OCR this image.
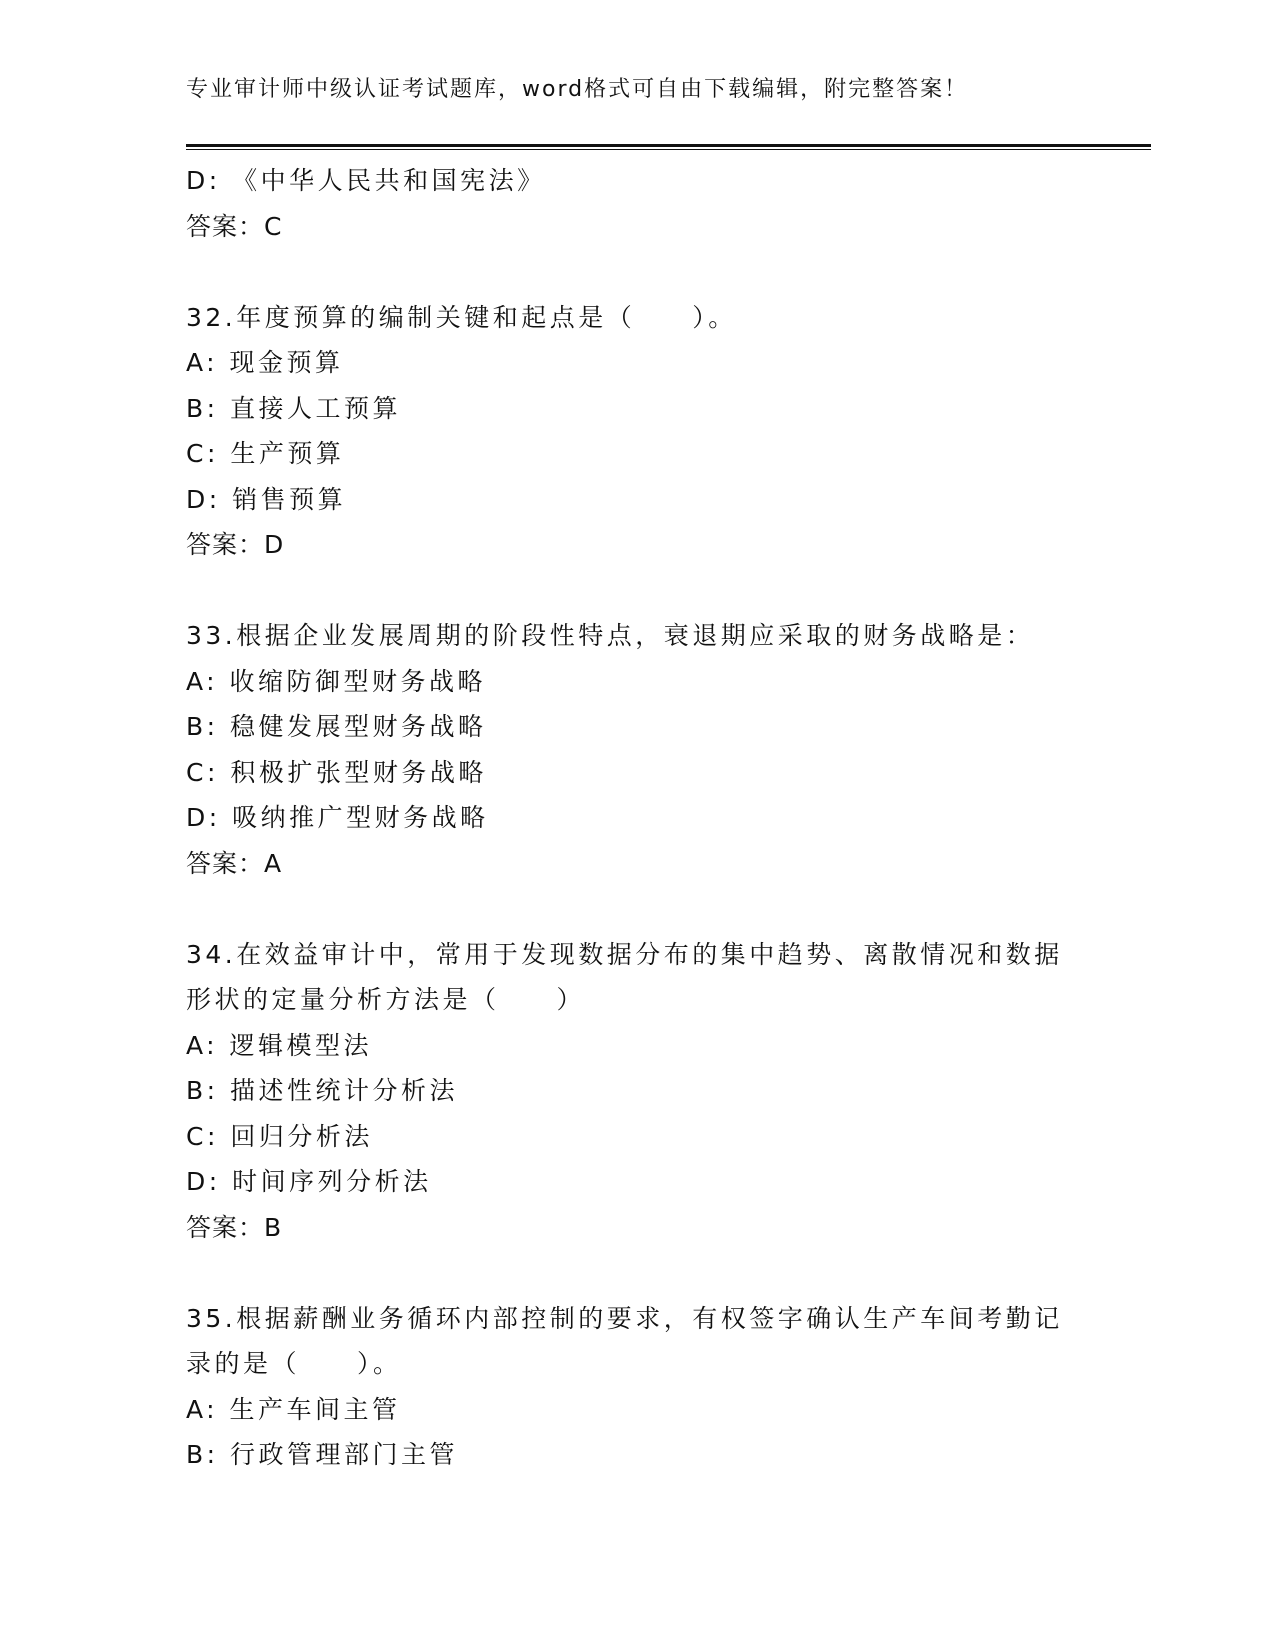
专业审计师中级认证考试题库，word格式可自由下载编辑，附完整答案！
D: 《中华人民共和国宪法》
答案：C
32.年度预算的编制关键和起点是（　　）。
A: 现金预算
B: 直接人工预算
C: 生产预算
D: 销售预算
答案：D
33.根据企业发展周期的阶段性特点，衰退期应采取的财务战略是：
A: 收缩防御型财务战略
B: 稳健发展型财务战略
C: 积极扩张型财务战略
D: 吸纳推广型财务战略
答案：A
34.在效益审计中，常用于发现数据分布的集中趋势、离散情况和数据
形状的定量分析方法是（　　）
A: 逻辑模型法
B: 描述性统计分析法
C: 回归分析法
D: 时间序列分析法
答案：B
35.根据薪酬业务循环内部控制的要求，有权签字确认生产车间考勤记
录的是（　　）。
A: 生产车间主管
B: 行政管理部门主管
